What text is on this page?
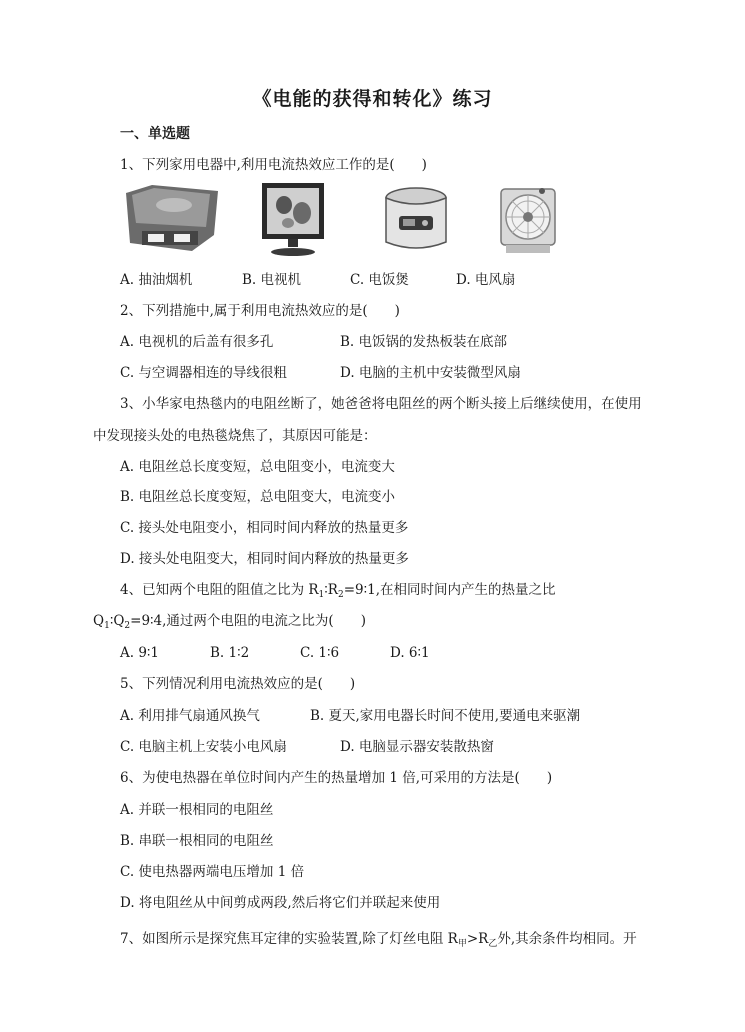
《电能的获得和转化》练习
一、单选题
1、下列家用电器中,利用电流热效应工作的是(　　)
A. 抽油烟机	B. 电视机	C. 电饭煲	D. 电风扇
2、下列措施中,属于利用电流热效应的是(　　)
A. 电视机的后盖有很多孔	B. 电饭锅的发热板装在底部
C. 与空调器相连的导线很粗	D. 电脑的主机中安装微型风扇
3、小华家电热毯内的电阻丝断了，她爸爸将电阻丝的两个断头接上后继续使用，在使用
中发现接头处的电热毯烧焦了，其原因可能是：
A. 电阻丝总长度变短，总电阻变小，电流变大
B. 电阻丝总长度变短，总电阻变大，电流变小
C. 接头处电阻变小，相同时间内释放的热量更多
D. 接头处电阻变大，相同时间内释放的热量更多
4、已知两个电阻的阻值之比为 $R_1∶R_2=9∶1$,在相同时间内产生的热量之比
$Q_1∶Q_2=9∶4$,通过两个电阻的电流之比为(　　)
A. 9∶1	B. 1∶2	C. 1∶6	D. 6∶1
5、下列情况利用电流热效应的是(　　)
A. 利用排气扇通风换气	B. 夏天,家用电器长时间不使用,要通电来驱潮
C. 电脑主机上安装小电风扇	D. 电脑显示器安装散热窗
6、为使电热器在单位时间内产生的热量增加 1 倍,可采用的方法是(　　)
A. 并联一根相同的电阻丝
B. 串联一根相同的电阻丝
C. 使电热器两端电压增加 1 倍
D. 将电阻丝从中间剪成两段,然后将它们并联起来使用
7、如图所示是探究焦耳定律的实验装置,除了灯丝电阻 $R_甲>R_乙$外,其余条件均相同。开
